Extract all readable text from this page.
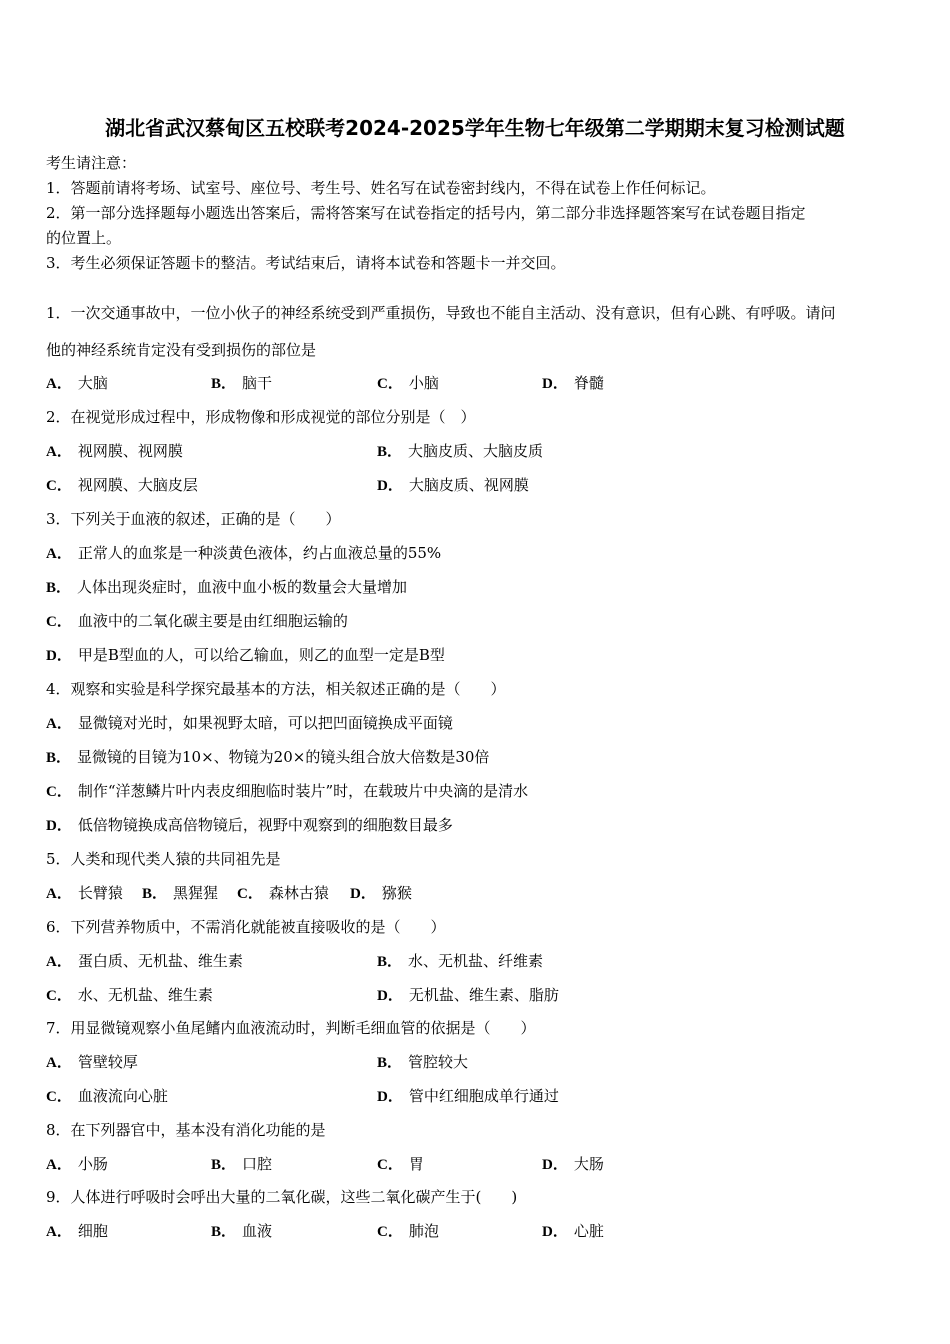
湖北省武汉蔡甸区五校联考2024-2025学年生物七年级第二学期期末复习检测试题
考生请注意：
1．答题前请将考场、试室号、座位号、考生号、姓名写在试卷密封线内，不得在试卷上作任何标记。
2．第一部分选择题每小题选出答案后，需将答案写在试卷指定的括号内，第二部分非选择题答案写在试卷题目指定
的位置上。
3．考生必须保证答题卡的整洁。考试结束后，请将本试卷和答题卡一并交回。
1．一次交通事故中，一位小伙子的神经系统受到严重损伤，导致也不能自主活动、没有意识，但有心跳、有呼吸。请问
他的神经系统肯定没有受到损伤的部位是
A． 大脑	B． 脑干	C． 小脑	D． 脊髓
2．在视觉形成过程中，形成物像和形成视觉的部位分别是（　）
A． 视网膜、视网膜	B． 大脑皮质、大脑皮质
C． 视网膜、大脑皮层	D． 大脑皮质、视网膜
3．下列关于血液的叙述，正确的是（　　）
A． 正常人的血浆是一种淡黄色液体，约占血液总量的55%
B． 人体出现炎症时，血液中血小板的数量会大量增加
C． 血液中的二氧化碳主要是由红细胞运输的
D． 甲是B型血的人，可以给乙输血，则乙的血型一定是B型
4．观察和实验是科学探究最基本的方法，相关叙述正确的是（　　）
A． 显微镜对光时，如果视野太暗，可以把凹面镜换成平面镜
B． 显微镜的目镜为10×、物镜为20×的镜头组合放大倍数是30倍
C． 制作“洋葱鳞片叶内表皮细胞临时装片”时，在载玻片中央滴的是清水
D． 低倍物镜换成高倍物镜后，视野中观察到的细胞数目最多
5．人类和现代类人猿的共同祖先是
A． 长臂猿 B． 黑猩猩 C． 森林古猿 D． 猕猴
6．下列营养物质中，不需消化就能被直接吸收的是（　　）
A． 蛋白质、无机盐、维生素	B． 水、无机盐、纤维素
C． 水、无机盐、维生素	D． 无机盐、维生素、脂肪
7．用显微镜观察小鱼尾鳍内血液流动时，判断毛细血管的依据是（　　）
A． 管壁较厚	B． 管腔较大
C． 血液流向心脏	D． 管中红细胞成单行通过
8．在下列器官中，基本没有消化功能的是
A． 小肠	B． 口腔	C． 胃	D． 大肠
9．人体进行呼吸时会呼出大量的二氧化碳，这些二氧化碳产生于(　　)
A． 细胞	B． 血液	C． 肺泡	D． 心脏
